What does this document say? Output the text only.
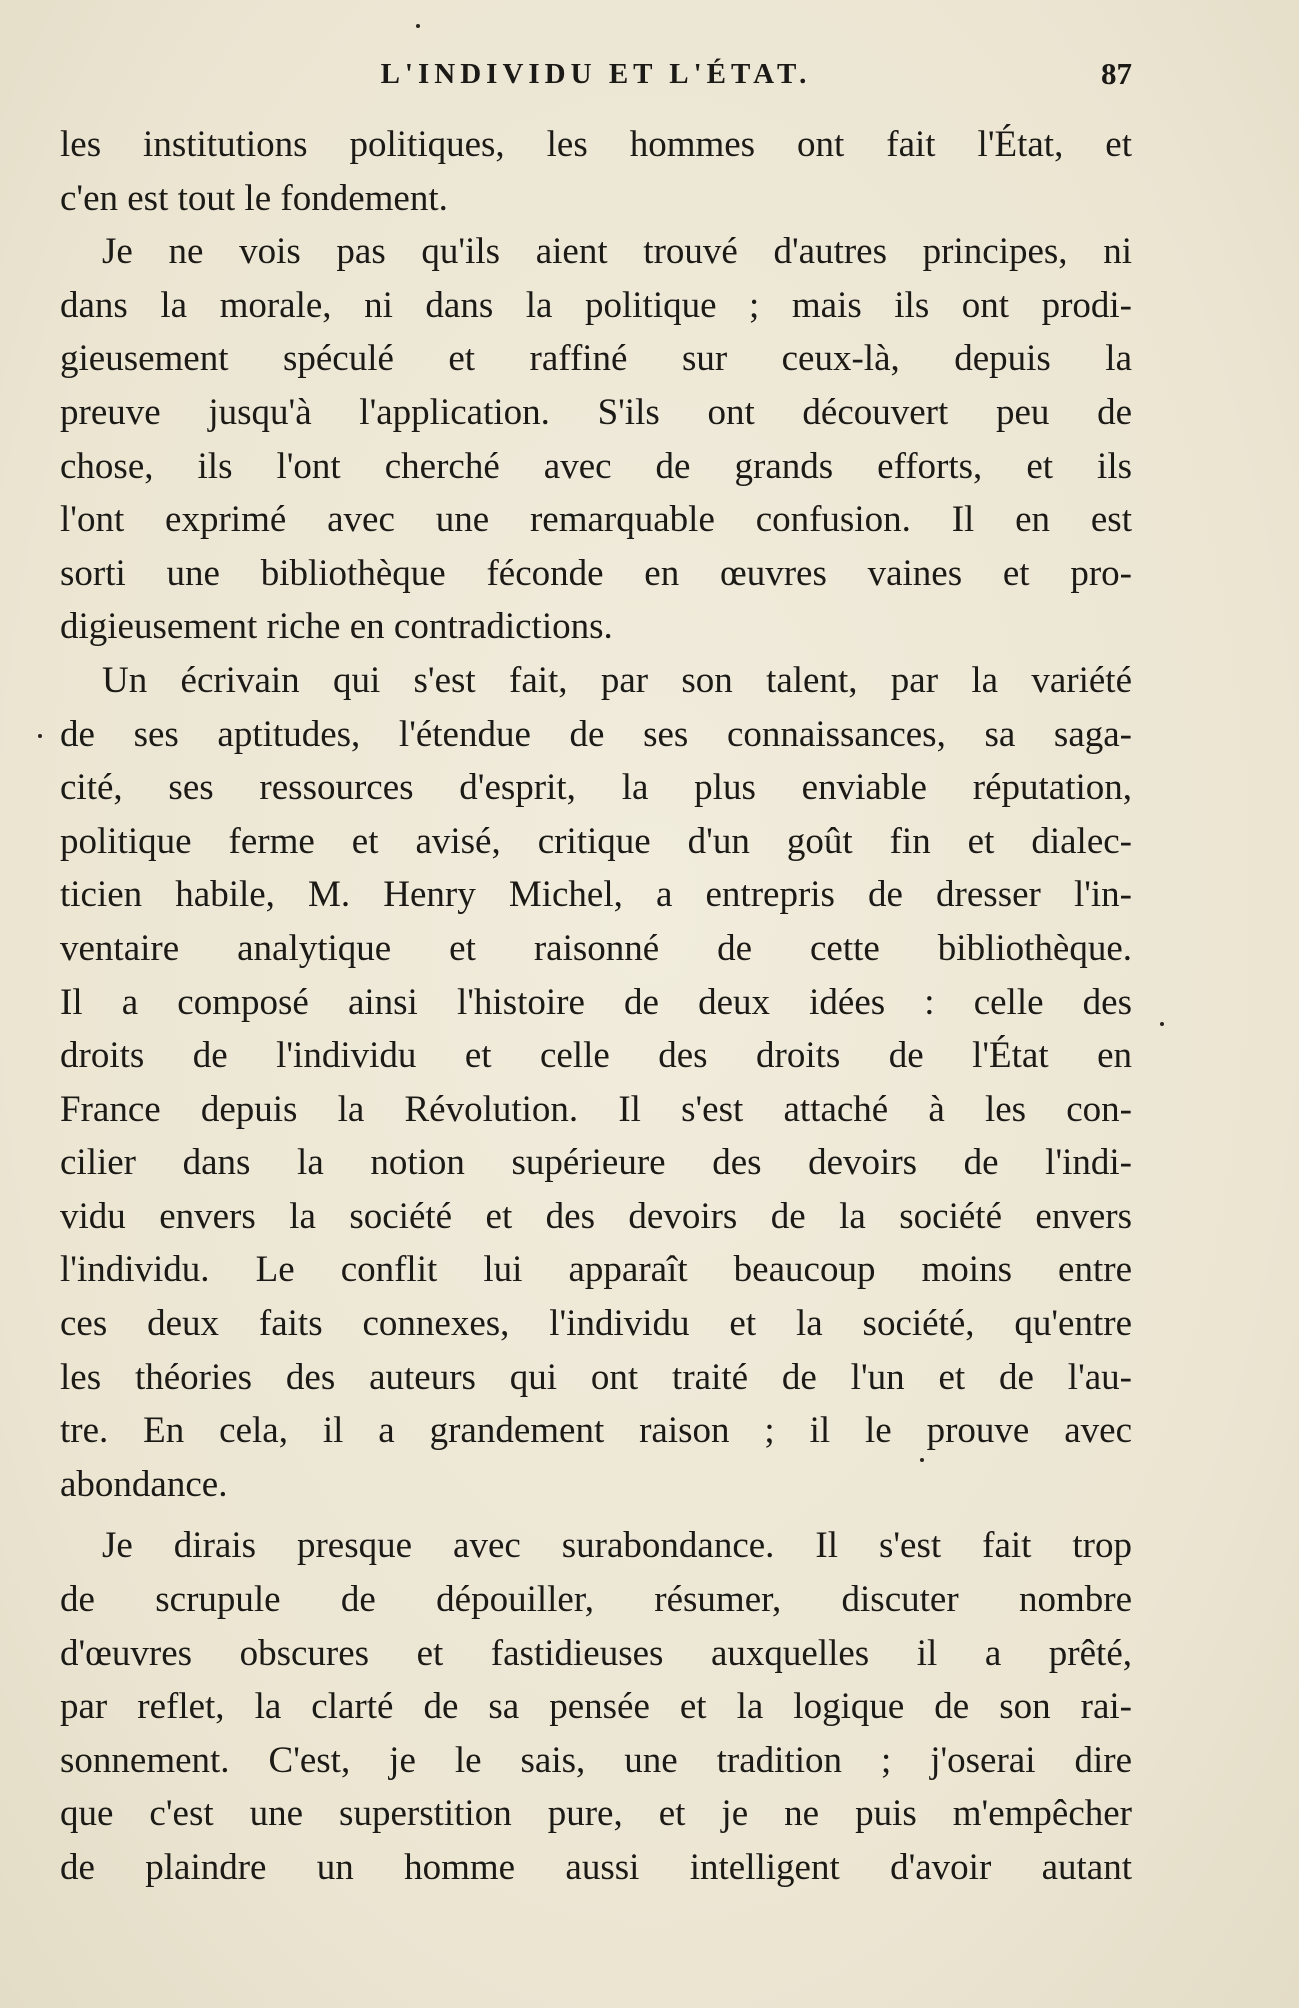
L'INDIVIDU ET L'ÉTAT.	87
les institutions politiques, les hommes ont fait l'État, et
c'en est tout le fondement.
Je ne vois pas qu'ils aient trouvé d'autres principes, ni
dans la morale, ni dans la politique ; mais ils ont prodi-
gieusement spéculé et raffiné sur ceux-là, depuis la
preuve jusqu'à l'application. S'ils ont découvert peu de
chose, ils l'ont cherché avec de grands efforts, et ils
l'ont exprimé avec une remarquable confusion. Il en est
sorti une bibliothèque féconde en œuvres vaines et pro-
digieusement riche en contradictions.
Un écrivain qui s'est fait, par son talent, par la variété
de ses aptitudes, l'étendue de ses connaissances, sa saga-
cité, ses ressources d'esprit, la plus enviable réputation,
politique ferme et avisé, critique d'un goût fin et dialec-
ticien habile, M. Henry Michel, a entrepris de dresser l'in-
ventaire analytique et raisonné de cette bibliothèque.
Il a composé ainsi l'histoire de deux idées : celle des
droits de l'individu et celle des droits de l'État en
France depuis la Révolution. Il s'est attaché à les con-
cilier dans la notion supérieure des devoirs de l'indi-
vidu envers la société et des devoirs de la société envers
l'individu. Le conflit lui apparaît beaucoup moins entre
ces deux faits connexes, l'individu et la société, qu'entre
les théories des auteurs qui ont traité de l'un et de l'au-
tre. En cela, il a grandement raison ; il le prouve avec
abondance.
Je dirais presque avec surabondance. Il s'est fait trop
de scrupule de dépouiller, résumer, discuter nombre
d'œuvres obscures et fastidieuses auxquelles il a prêté,
par reflet, la clarté de sa pensée et la logique de son rai-
sonnement. C'est, je le sais, une tradition ; j'oserai dire
que c'est une superstition pure, et je ne puis m'empêcher
de plaindre un homme aussi intelligent d'avoir autant
